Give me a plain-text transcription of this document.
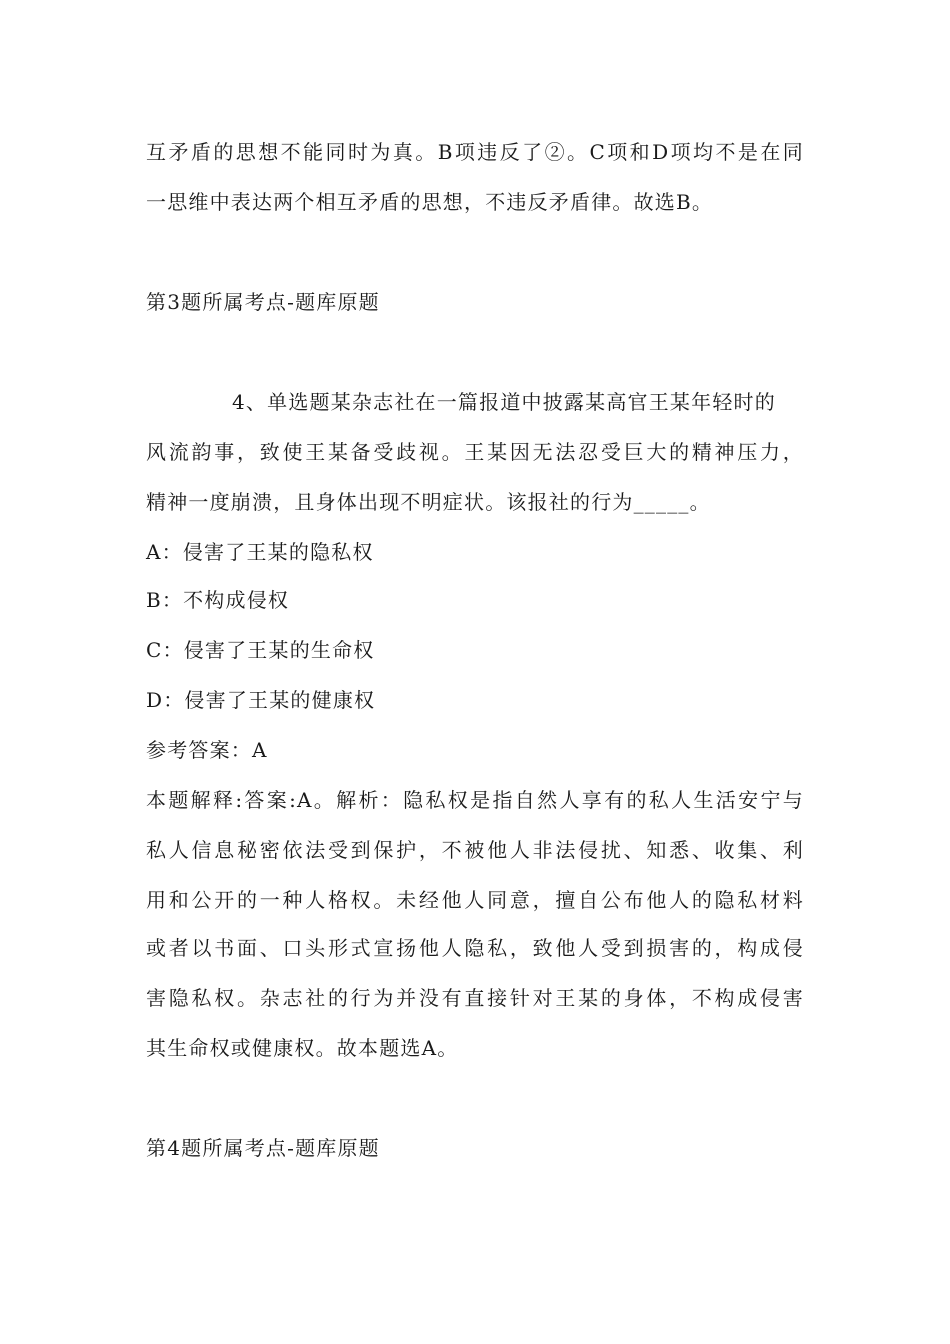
互矛盾的思想不能同时为真。B项违反了②。C项和D项均不是在同
一思维中表达两个相互矛盾的思想，不违反矛盾律。故选B。
第3题所属考点-题库原题
4、单选题某杂志社在一篇报道中披露某高官王某年轻时的
风流韵事，致使王某备受歧视。王某因无法忍受巨大的精神压力，
精神一度崩溃，且身体出现不明症状。该报社的行为_____。
A：侵害了王某的隐私权
B：不构成侵权
C：侵害了王某的生命权
D：侵害了王某的健康权
参考答案：A
本题解释:答案:A。解析：隐私权是指自然人享有的私人生活安宁与
私人信息秘密依法受到保护，不被他人非法侵扰、知悉、收集、利
用和公开的一种人格权。未经他人同意，擅自公布他人的隐私材料
或者以书面、口头形式宣扬他人隐私，致他人受到损害的，构成侵
害隐私权。杂志社的行为并没有直接针对王某的身体，不构成侵害
其生命权或健康权。故本题选A。
第4题所属考点-题库原题
